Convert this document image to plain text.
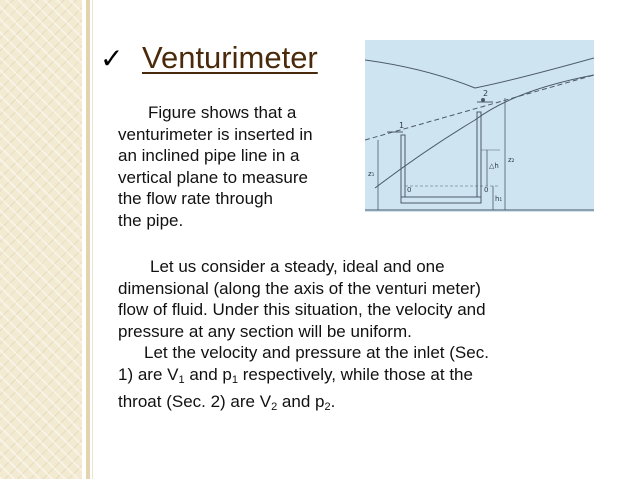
✓ Venturimeter
1
2
z₁
z₂
△h
h₁
0	0
Figure shows that a
venturimeter is inserted in
an inclined pipe line in a
vertical plane to measure
the flow rate through
the pipe.
Let us consider a steady, ideal and one
dimensional (along the axis of the venturi meter)
flow of fluid. Under this situation, the velocity and
pressure at any section will be uniform.
Let the velocity and pressure at the inlet (Sec.
1) are $V_1$ and $p_1$ respectively, while those at the
throat (Sec. 2) are $V_2$ and $p_2$.
